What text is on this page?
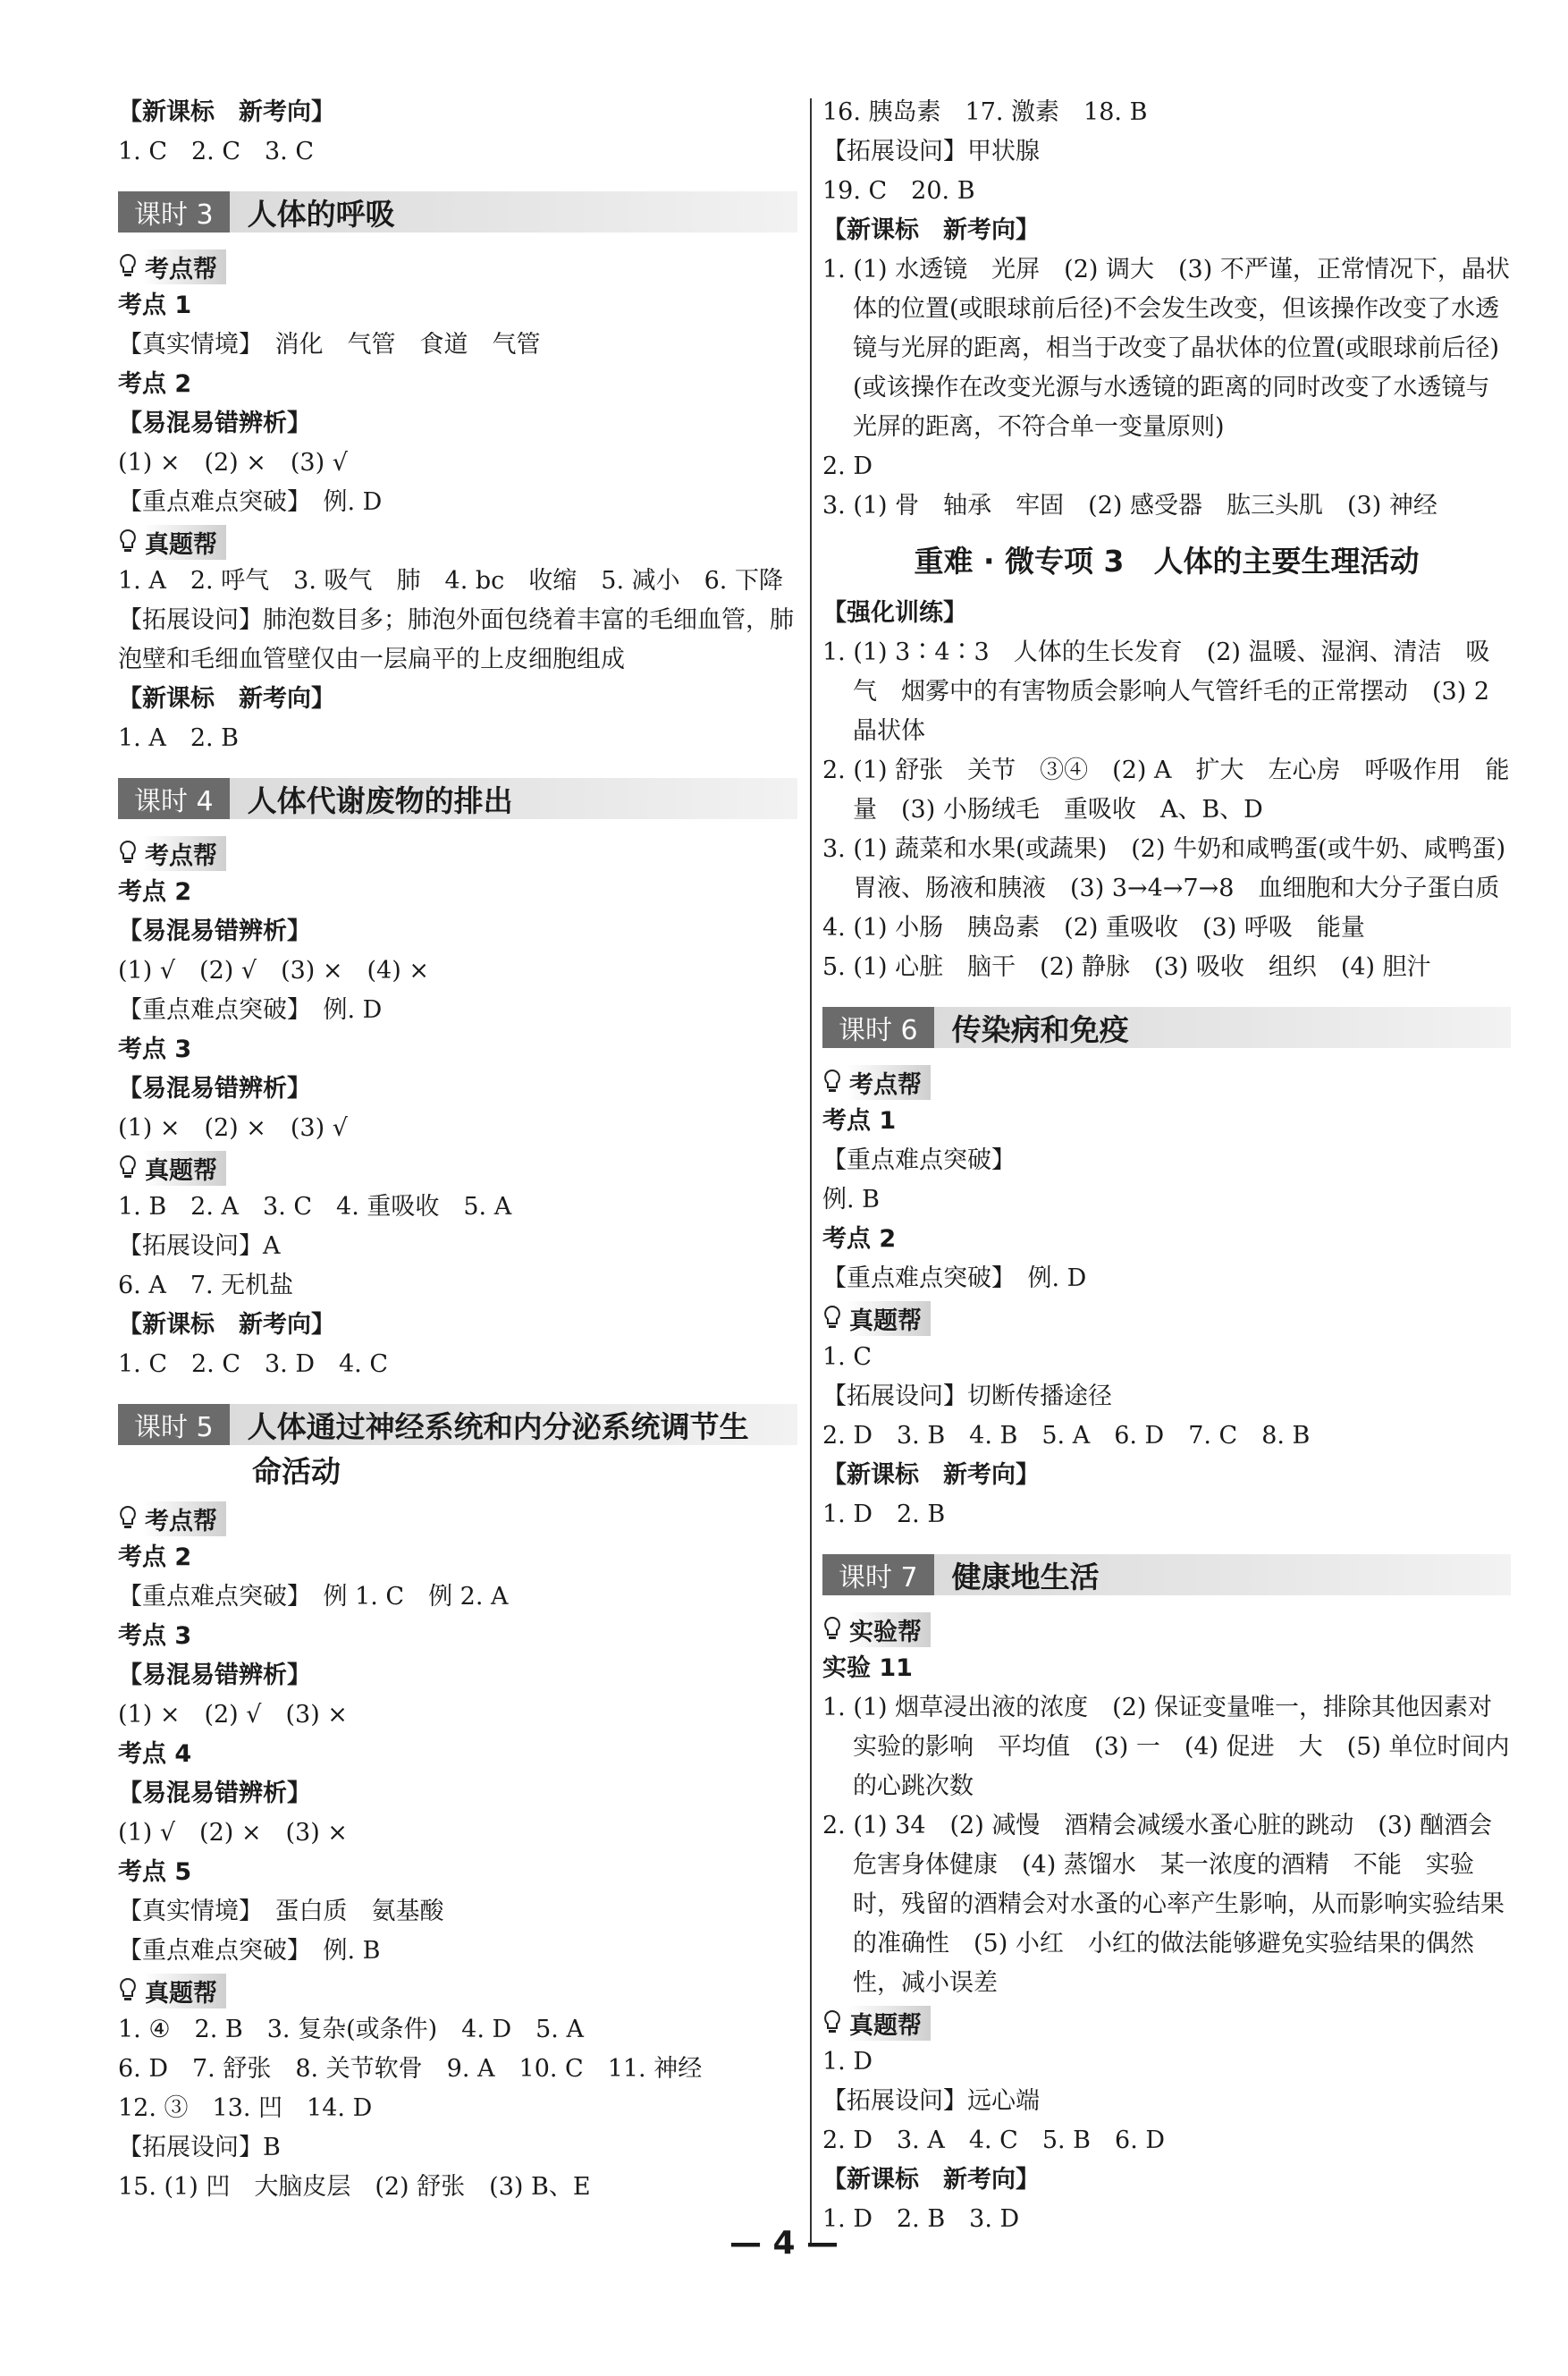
【新课标　新考向】
1. C　2. C　3. C
课时 3	人体的呼吸
考点帮
考点 1
【真实情境】　消化　气管　食道　气管
考点 2
【易混易错辨析】
(1) ×　(2) ×　(3) √
【重点难点突破】　例. D
真题帮
1. A　2. 呼气　3. 吸气　肺　4. bc　收缩　5. 减小　6. 下降
【拓展设问】肺泡数目多；肺泡外面包绕着丰富的毛细血管，肺泡壁和毛细血管壁仅由一层扁平的上皮细胞组成
【新课标　新考向】
1. A　2. B
课时 4	人体代谢废物的排出
考点帮
考点 2
【易混易错辨析】
(1) √　(2) √　(3) ×　(4) ×
【重点难点突破】　例. D
考点 3
【易混易错辨析】
(1) ×　(2) ×　(3) √
真题帮
1. B　2. A　3. C　4. 重吸收　5. A
【拓展设问】A
6. A　7. 无机盐
【新课标　新考向】
1. C　2. C　3. D　4. C
课时 5	人体通过神经系统和内分泌系统调节生
命活动
考点帮
考点 2
【重点难点突破】　例 1. C　例 2. A
考点 3
【易混易错辨析】
(1) ×　(2) √　(3) ×
考点 4
【易混易错辨析】
(1) √　(2) ×　(3) ×
考点 5
【真实情境】　蛋白质　氨基酸
【重点难点突破】　例. B
真题帮
1. ④　2. B　3. 复杂(或条件)　4. D　5. A
6. D　7. 舒张　8. 关节软骨　9. A　10. C　11. 神经
12. ③　13. 凹　14. D
【拓展设问】B
15. (1) 凹　大脑皮层　(2) 舒张　(3) B、E
16. 胰岛素　17. 激素　18. B
【拓展设问】甲状腺
19. C　20. B
【新课标　新考向】
1. (1) 水透镜　光屏　(2) 调大　(3) 不严谨，正常情况下，晶状体的位置(或眼球前后径)不会发生改变，但该操作改变了水透镜与光屏的距离，相当于改变了晶状体的位置(或眼球前后径)(或该操作在改变光源与水透镜的距离的同时改变了水透镜与光屏的距离，不符合单一变量原则)
2. D
3. (1) 骨　轴承　牢固　(2) 感受器　肱三头肌　(3) 神经
重难 · 微专项 3　人体的主要生理活动
【强化训练】
1. (1) 3∶4∶3　人体的生长发育　(2) 温暖、湿润、清洁　吸气　烟雾中的有害物质会影响人气管纤毛的正常摆动　(3) 2　晶状体
2. (1) 舒张　关节　③④　(2) A　扩大　左心房　呼吸作用　能量　(3) 小肠绒毛　重吸收　A、B、D
3. (1) 蔬菜和水果(或蔬果)　(2) 牛奶和咸鸭蛋(或牛奶、咸鸭蛋)　胃液、肠液和胰液　(3) 3→4→7→8　血细胞和大分子蛋白质
4. (1) 小肠　胰岛素　(2) 重吸收　(3) 呼吸　能量
5. (1) 心脏　脑干　(2) 静脉　(3) 吸收　组织　(4) 胆汁
课时 6	传染病和免疫
考点帮
考点 1
【重点难点突破】
例. B
考点 2
【重点难点突破】　例. D
真题帮
1. C
【拓展设问】切断传播途径
2. D　3. B　4. B　5. A　6. D　7. C　8. B
【新课标　新考向】
1. D　2. B
课时 7	健康地生活
实验帮
实验 11
1. (1) 烟草浸出液的浓度　(2) 保证变量唯一，排除其他因素对实验的影响　平均值　(3) 一　(4) 促进　大　(5) 单位时间内的心跳次数
2. (1) 34　(2) 减慢　酒精会减缓水蚤心脏的跳动　(3) 酗酒会危害身体健康　(4) 蒸馏水　某一浓度的酒精　不能　实验时，残留的酒精会对水蚤的心率产生影响，从而影响实验结果的准确性　(5) 小红　小红的做法能够避免实验结果的偶然性，减小误差
真题帮
1. D
【拓展设问】远心端
2. D　3. A　4. C　5. B　6. D
【新课标　新考向】
1. D　2. B　3. D
— 4 —
